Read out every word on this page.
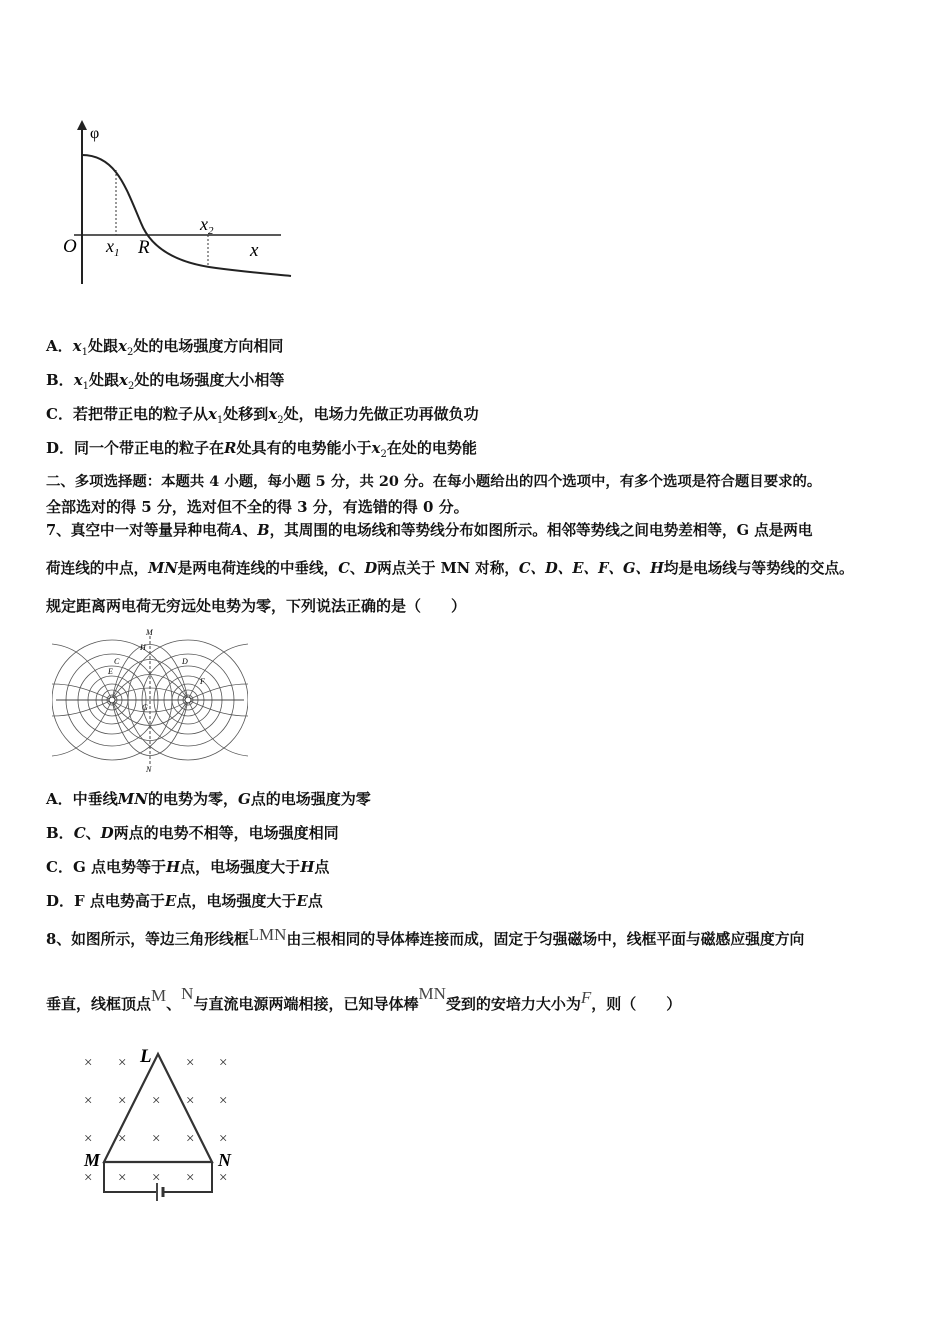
φ
O $x_1$ R
$x_2$
x
A．$x_1$处跟$x_2$处的电场强度方向相同
B．$x_1$处跟$x_2$处的电场强度大小相等
C．若把带正电的粒子从$x_1$处移到$x_2$处，电场力先做正功再做负功
D．同一个带正电的粒子在R处具有的电势能小于$x_2$在处的电势能
二、多项选择题：本题共 4 小题，每小题 5 分，共 20 分。在每小题给出的四个选项中，有多个选项是符合题目要求的。
全部选对的得 5 分，选对但不全的得 3 分，有选错的得 0 分。
7、真空中一对等量异种电荷A、B，其周围的电场线和等势线分布如图所示。相邻等势线之间电势差相等，G 点是两电
荷连线的中点，MN是两电荷连线的中垂线，C、D两点关于 MN 对称，C、D、E、F、G、H均是电场线与等势线的交点。
规定距离两电荷无穷远处电势为零，下列说法正确的是（　　）
M
H
C	D
E
F
G
N
A．中垂线MN的电势为零，G点的电场强度为零
B．C、D两点的电势不相等，电场强度相同
C．G 点电势等于H点，电场强度大于H点
D．F 点电势高于E点，电场强度大于E点
8、如图所示，等边三角形线框LMN由三根相同的导体棒连接而成，固定于匀强磁场中，线框平面与磁感应强度方向
垂直，线框顶点M、N与直流电源两端相接，已知导体棒MN受到的安培力大小为F，则（　　）
× ×	× ×
× × × × ×
× × × × ×
× × × × ×
L
M	N
